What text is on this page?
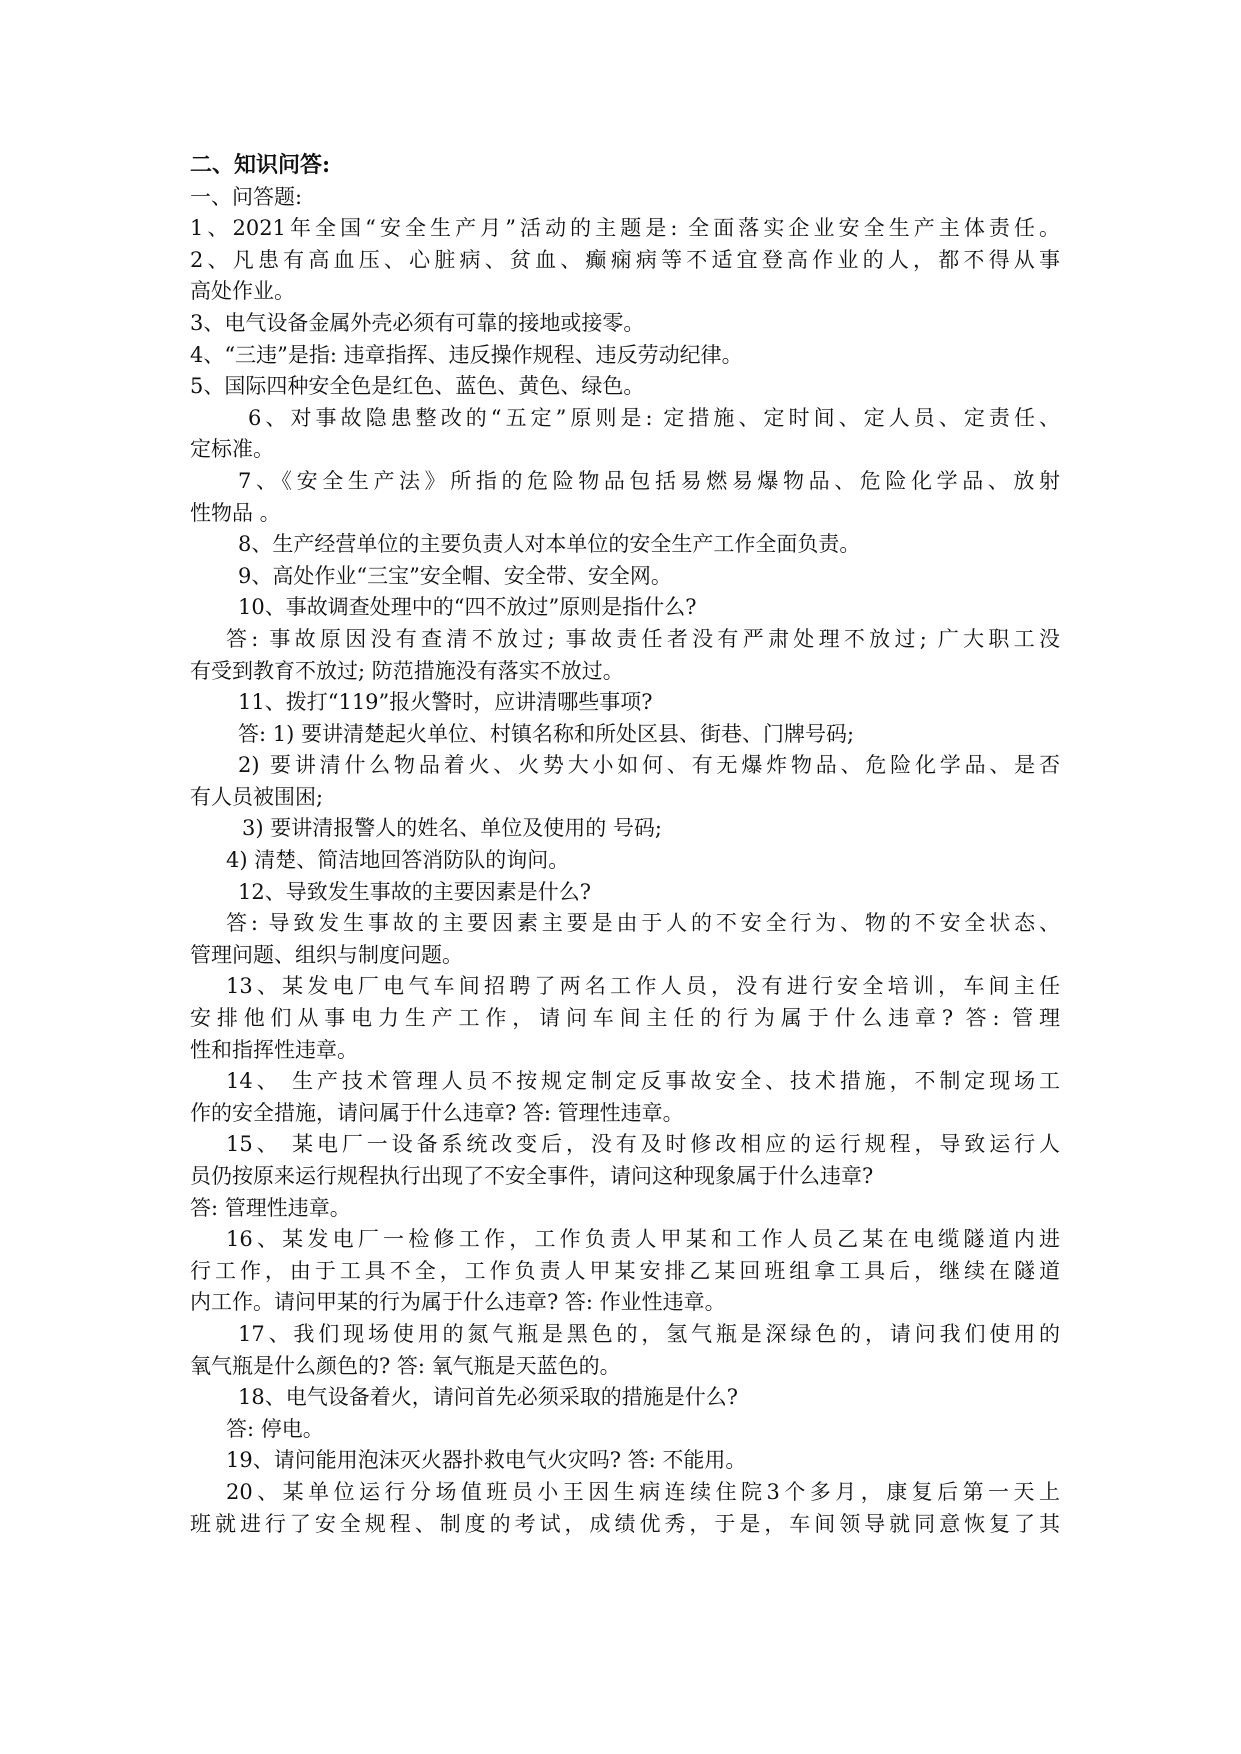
二、知识问答:
一、问答题:
1、2021年全国“安全生产月”活动的主题是: 全面落实企业安全生产主体责任。
2、凡患有高血压、心脏病、贫血、癫痫病等不适宜登高作业的人，都不得从事
高处作业。
3、电气设备金属外壳必须有可靠的接地或接零。
4、“三违”是指: 违章指挥、违反操作规程、违反劳动纪律。
5、国际四种安全色是红色、蓝色、黄色、绿色。
6、对事故隐患整改的“五定”原则是: 定措施、定时间、定人员、定责任、
定标准。
7、《安全生产法》所指的危险物品包括易燃易爆物品、危险化学品、放射
性物品 。
8、生产经营单位的主要负责人对本单位的安全生产工作全面负责。
9、高处作业“三宝”安全帽、安全带、安全网。
10、事故调查处理中的“四不放过”原则是指什么?
答: 事故原因没有查清不放过; 事故责任者没有严肃处理不放过; 广大职工没
有受到教育不放过; 防范措施没有落实不放过。
11、拨打“119”报火警时，应讲清哪些事项?
答: 1) 要讲清楚起火单位、村镇名称和所处区县、街巷、门牌号码;
2) 要讲清什么物品着火、火势大小如何、有无爆炸物品、危险化学品、是否
有人员被围困;
3) 要讲清报警人的姓名、单位及使用的 号码;
4) 清楚、简洁地回答消防队的询问。
12、导致发生事故的主要因素是什么?
答: 导致发生事故的主要因素主要是由于人的不安全行为、物的不安全状态、
管理问题、组织与制度问题。
13、某发电厂电气车间招聘了两名工作人员，没有进行安全培训，车间主任
安排他们从事电力生产工作，请问车间主任的行为属于什么违章? 答: 管理
性和指挥性违章。
14、 生产技术管理人员不按规定制定反事故安全、技术措施，不制定现场工
作的安全措施，请问属于什么违章? 答: 管理性违章。
15、 某电厂一设备系统改变后，没有及时修改相应的运行规程，导致运行人
员仍按原来运行规程执行出现了不安全事件，请问这种现象属于什么违章?
答: 管理性违章。
16、某发电厂一检修工作，工作负责人甲某和工作人员乙某在电缆隧道内进
行工作，由于工具不全，工作负责人甲某安排乙某回班组拿工具后，继续在隧道
内工作。请问甲某的行为属于什么违章? 答: 作业性违章。
17、我们现场使用的氮气瓶是黑色的，氢气瓶是深绿色的，请问我们使用的
氧气瓶是什么颜色的? 答: 氧气瓶是天蓝色的。
18、电气设备着火，请问首先必须采取的措施是什么?
答: 停电。
19、请问能用泡沫灭火器扑救电气火灾吗? 答: 不能用。
20、某单位运行分场值班员小王因生病连续住院3个多月，康复后第一天上
班就进行了安全规程、制度的考试，成绩优秀，于是，车间领导就同意恢复了其
